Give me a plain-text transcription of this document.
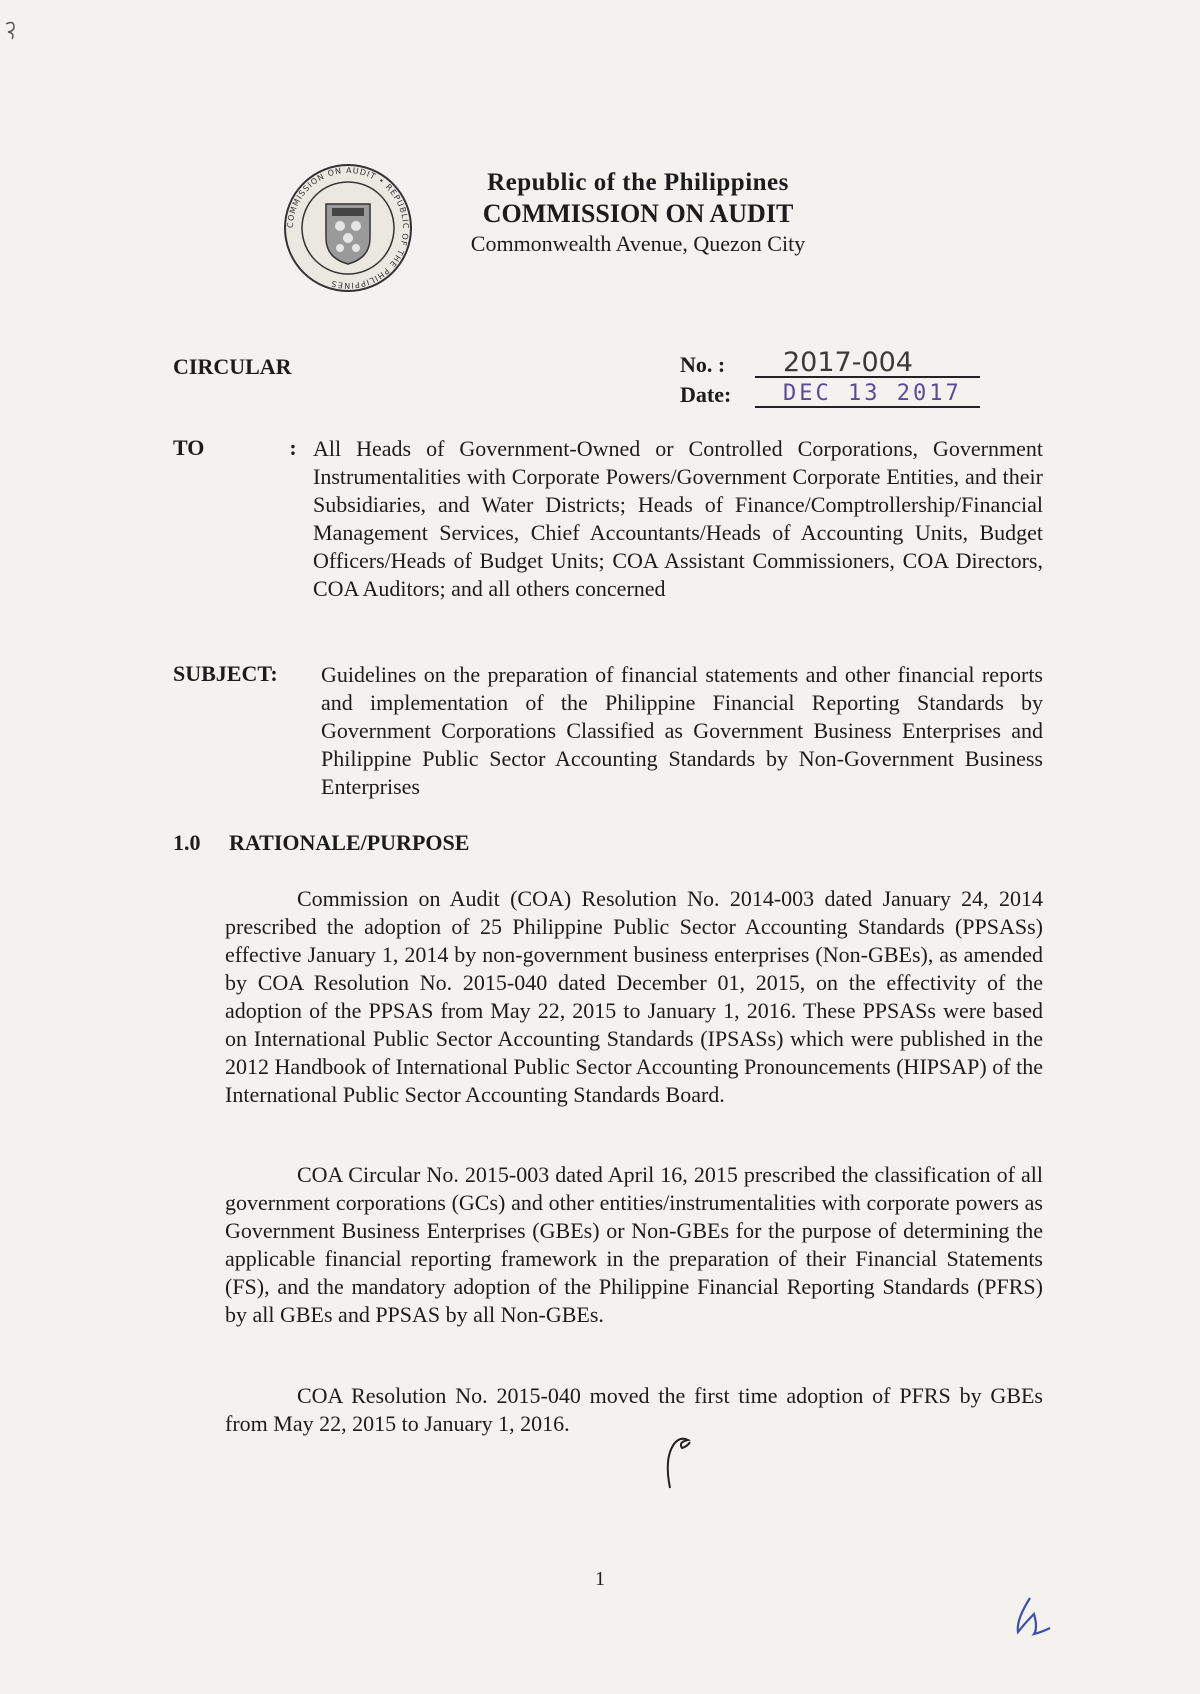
COMMISSION ON AUDIT • REPUBLIC OF THE PHILIPPINES
Republic of the Philippines
COMMISSION ON AUDIT
Commonwealth Avenue, Quezon City
CIRCULAR	No. :	2017-004
Date:	DEC 13 2017
TO	: All Heads of Government-Owned or Controlled Corporations, Government Instrumentalities with Corporate Powers/Government Corporate Entities, and their Subsidiaries, and Water Districts; Heads of Finance/Comptrollership/Financial Management Services, Chief Accountants/Heads of Accounting Units, Budget Officers/Heads of Budget Units; COA Assistant Commissioners, COA Directors, COA Auditors; and all others concerned
SUBJECT:	Guidelines on the preparation of financial statements and other financial reports and implementation of the Philippine Financial Reporting Standards by Government Corporations Classified as Government Business Enterprises and Philippine Public Sector Accounting Standards by Non-Government Business Enterprises
1.0 RATIONALE/PURPOSE
Commission on Audit (COA) Resolution No. 2014-003 dated January 24, 2014 prescribed the adoption of 25 Philippine Public Sector Accounting Standards (PPSASs) effective January 1, 2014 by non-government business enterprises (Non-GBEs), as amended by COA Resolution No. 2015-040 dated December 01, 2015, on the effectivity of the adoption of the PPSAS from May 22, 2015 to January 1, 2016. These PPSASs were based on International Public Sector Accounting Standards (IPSASs) which were published in the 2012 Handbook of International Public Sector Accounting Pronouncements (HIPSAP) of the International Public Sector Accounting Standards Board.
COA Circular No. 2015-003 dated April 16, 2015 prescribed the classification of all government corporations (GCs) and other entities/instrumentalities with corporate powers as Government Business Enterprises (GBEs) or Non-GBEs for the purpose of determining the applicable financial reporting framework in the preparation of their Financial Statements (FS), and the mandatory adoption of the Philippine Financial Reporting Standards (PFRS) by all GBEs and PPSAS by all Non-GBEs.
COA Resolution No. 2015-040 moved the first time adoption of PFRS by GBEs from May 22, 2015 to January 1, 2016.
1
